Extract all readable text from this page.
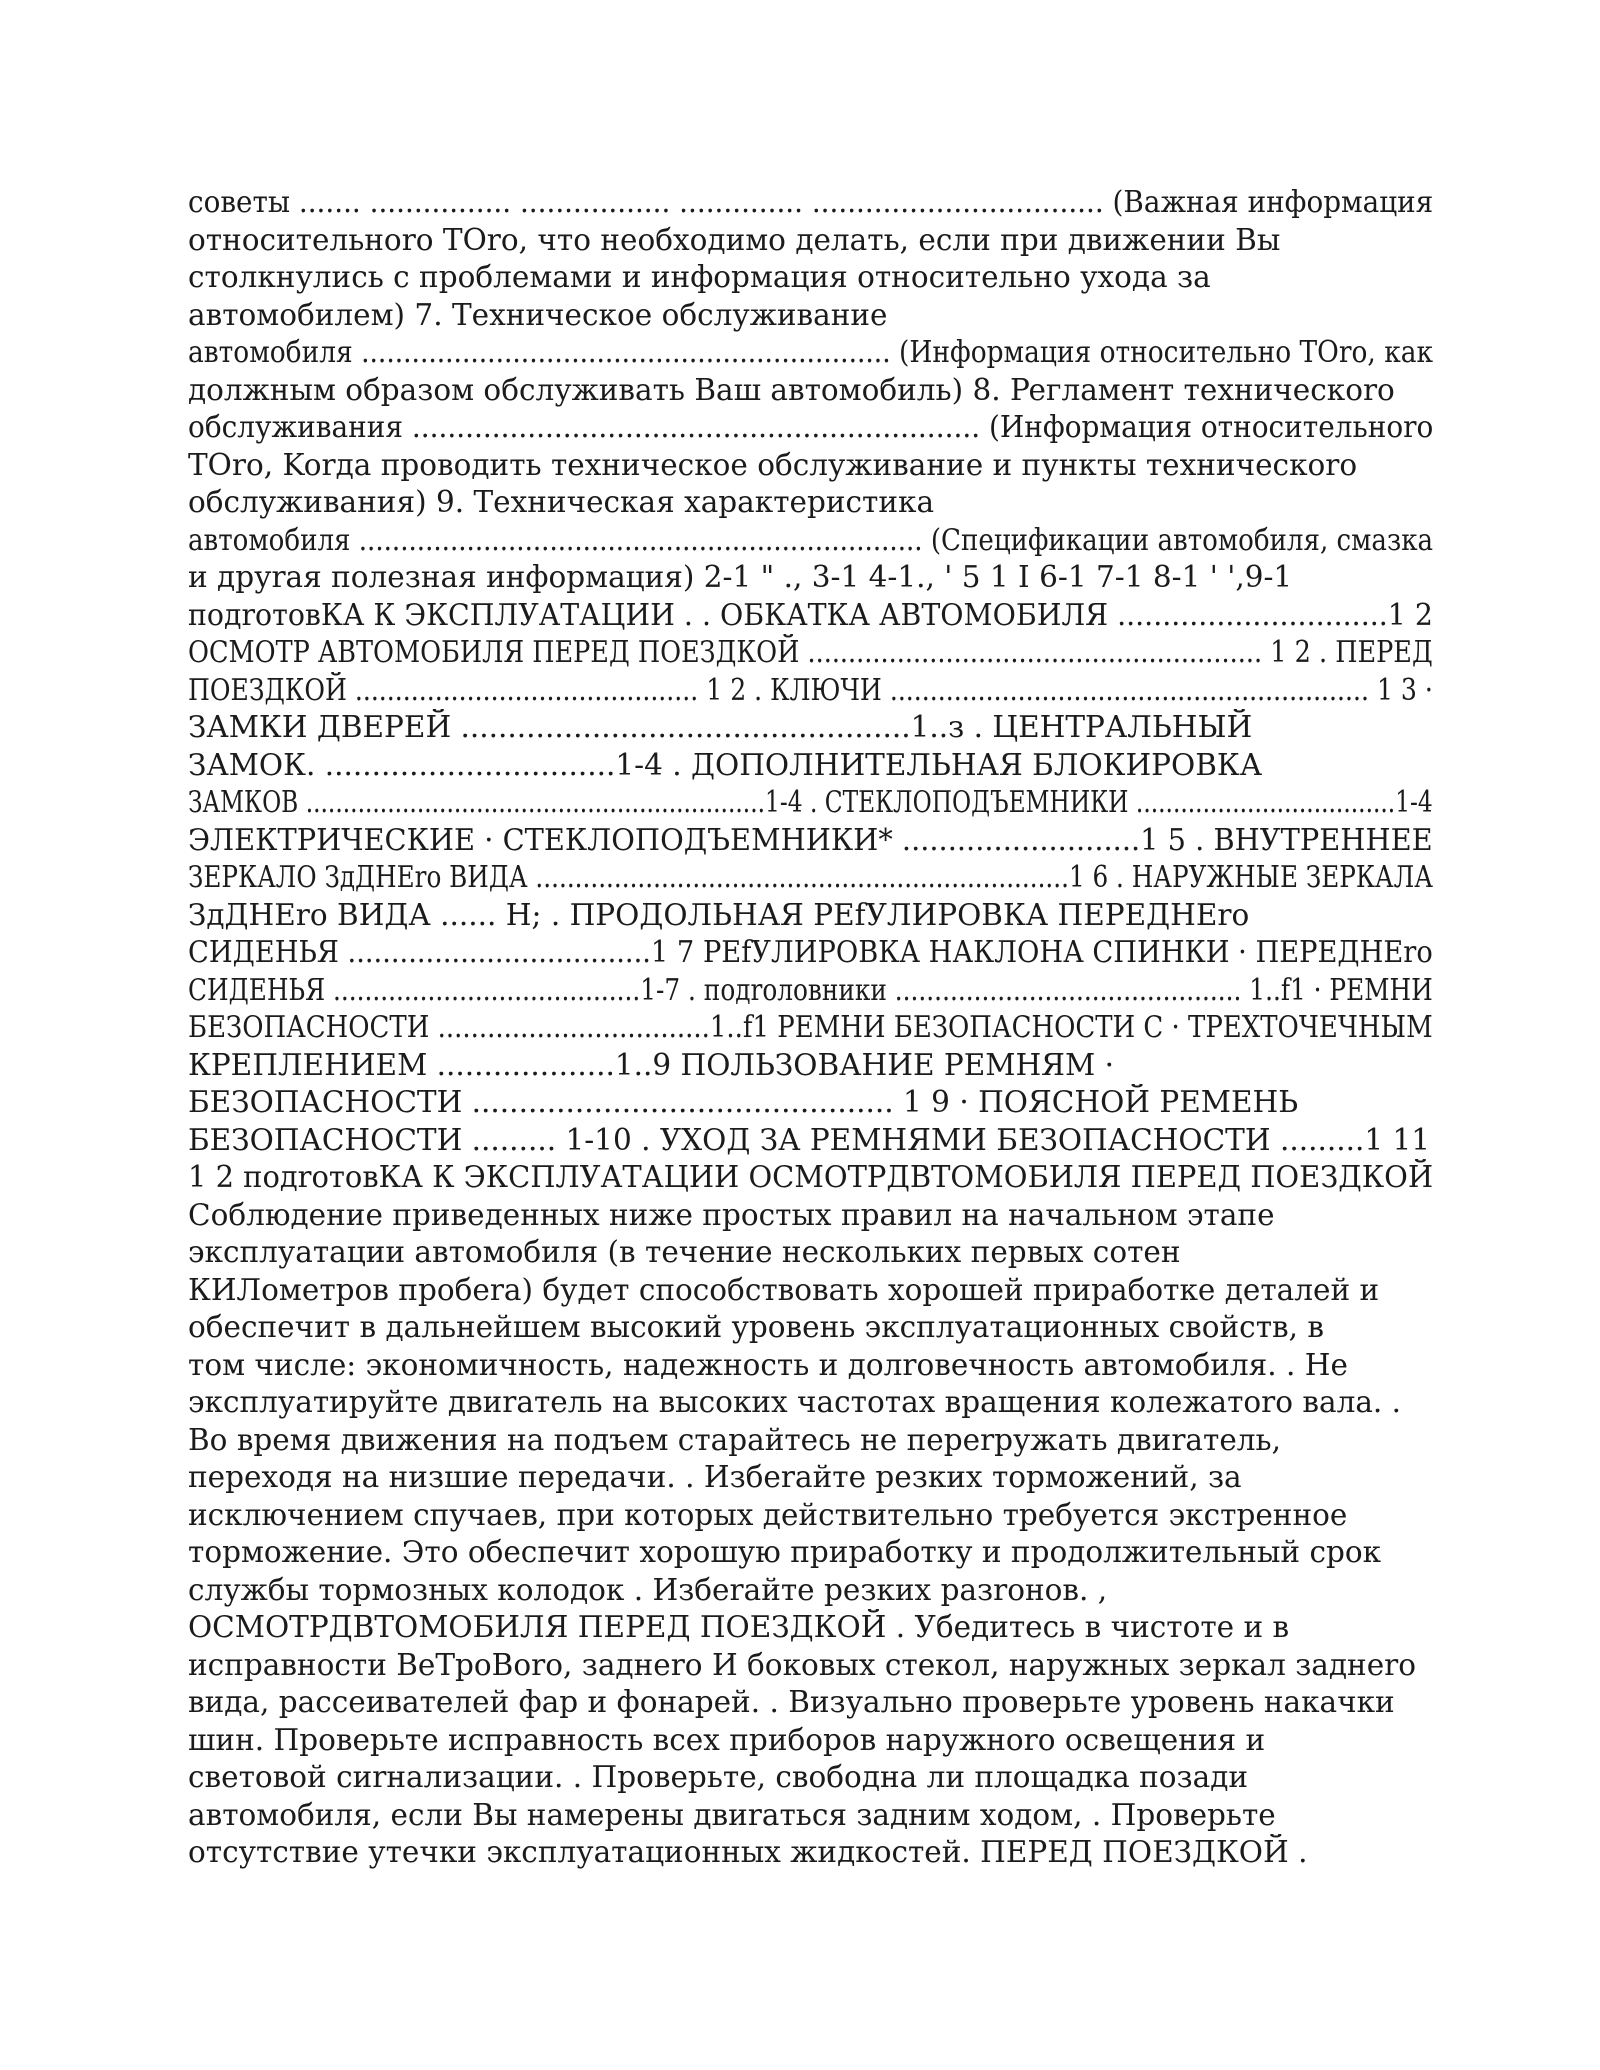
советы ....... ................ ................. .............. ................................. (Важная информация
относительноro TOro, что необходимо делать, если при движении Вы
столкнулись с проблемами и информация относительно ухода за
автомобилем) 7. Техническое обслуживание
автомобиля ............................................................... (Информация относительно TOro, как
должным образом обслуживать Ваш автомобиль) 8. Peгламент техническоro
обслуживания ................................................................ (Информация относительноro
TOro, Korда проводить техническое обслуживание и пункты техническоro
обслуживания) 9. Техническая характеристика
автомобиля .................................................................... (Спецификации автомобиля, смазка
и друraя полезная информация) 2-1 " ., 3-1 4-1., ' 5 1 I 6-1 7-1 8-1 ' ',9-1
подroтовКА К ЭКСПЛУАТАЦИИ . . ОБКАТКА АВТОМОБИЛЯ ..............................1 2
ОСМОТР АВТОМОБИЛЯ ПЕРЕД ПОЕЗДКОЙ ........................................................ 1 2 . ПЕРЕД
ПОЕЗДКОЙ ........................................... 1 2 . КЛЮЧИ ............................................................ 1 3 ·
ЗАМКИ ДВЕРЕЙ ................................................1..з . ЦЕНТРАЛЬНЫЙ
ЗАМОК. ...............................1-4 . ДОПОЛНИТЕЛЬНАЯ БЛОКИРОВКА
ЗАМКОВ ..............................................................1-4 . СТЕКЛОПОДЪЕМНИКИ ...................................1-4
ЭЛЕКТРИЧЕСКИЕ · СТЕКЛОПОДЪЕМНИКИ* ..........................1 5 . ВНУТРЕННЕЕ
ЗЕРКАЛО ЗдДНЕro ВИДА ....................................................................1 6 . НАРУЖНЫЕ ЗЕРКАЛА
ЗдДНЕro ВИДА ...... Н; . ПРОДОЛЬНАЯ РЕfУЛИРОВКА ПЕРЕДНЕro
СИДЕНЬЯ ...................................1 7 РЕfУЛИРОВКА НАКЛОНА СПИНКИ · ПЕРЕДНЕro
СИДЕНЬЯ .......................................1-7 . подrоловники ............................................ 1..f1 · РЕМНИ
БЕЗОПАСНОСТИ .................................1..f1 РЕМНИ БЕЗОПАСНОСТИ С · ТРЕХТОЧЕЧНЫМ
КРЕПЛЕНИЕМ ...................1..9 ПОЛЬЗОВАНИЕ РЕМНЯМ ·
БЕЗОПАСНОСТИ ............................................. 1 9 · ПОЯСНОЙ РЕМЕНЬ
БЕЗОПАСНОСТИ ......... 1-10 . УХОД ЗА РЕМНЯМИ БЕЗОПАСНОСТИ .........1 11
1 2 подroтовКА К ЭКСПЛУАТАЦИИ ОСМОТРДВТОМОБИЛЯ ПЕРЕД ПОЕЗДКОЙ
Соблюдение приведенных ниже простых правил на начальном этапе
эксплуатации автомобиля (в течение нескольких первых сотен
КИЛометров пробеrа) будет способствовать хорошей приработке деталей и
обеспечит в дальнейшем высокий уровень эксплуатационных свойств, в
том числе: экономичность, надежность и долroвечность автомобиля. . Не
эксплуатируйте двиrатель на высоких частотах вращения колежатоro вала. .
Во время движения на подъем старайтесь не переrружать двиrатель,
переходя на низшие передачи. . Избеrайте резких торможений, за
исключением спучаев, при которых действительно требуется экстренное
торможение. Это обеспечит хорошую приработку и продолжительный срок
службы тормозных колодок . Избеrайте резких разroнов. ,
ОСМОТРДВТОМОБИЛЯ ПЕРЕД ПОЕЗДКОЙ . Убедитесь в чистоте и в
исправности BeTpoBoro, заднеro И боковых стекол, наружных зеркал заднеro
вида, рассеивателей фар и фонарей. . Визуально проверьте уровень накачки
шин. Проверьте исправность всех приборов наружноro освещения и
световой сиrнализации. . Проверьте, свободна ли площадка позади
автомобиля, если Вы намерены двиrаться задним ходом, . Проверьте
отсутствие утечки эксплуатационных жидкостей. ПЕРЕД ПОЕЗДКОЙ .
